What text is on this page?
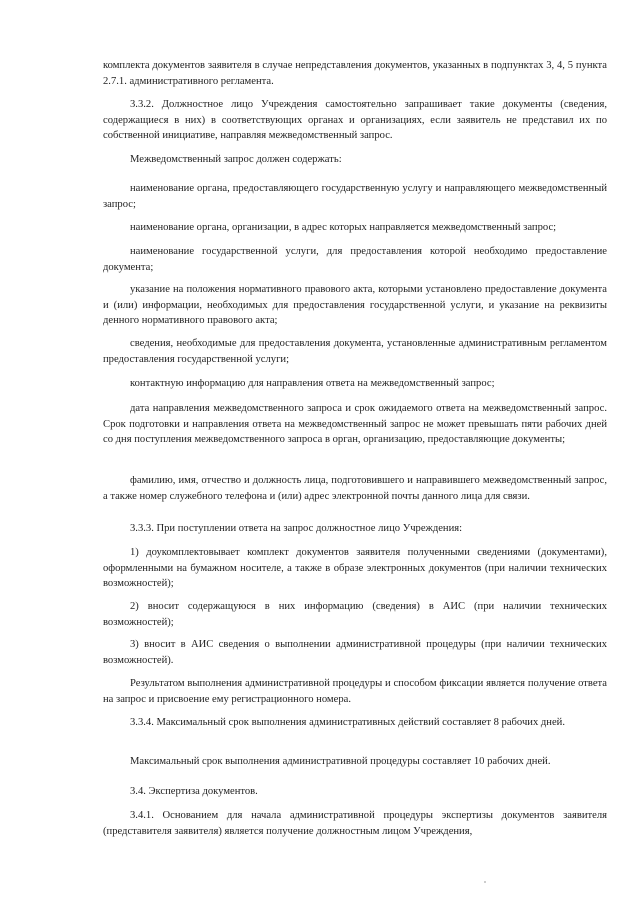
комплекта документов заявителя в случае непредставления документов, указанных в подпунктах 3, 4, 5 пункта 2.7.1. административного регламента.

3.3.2. Должностное лицо Учреждения самостоятельно запрашивает такие документы (сведения, содержащиеся в них) в соответствующих органах и организациях, если заявитель не представил их по собственной инициативе, направляя межведомственный запрос.

Межведомственный запрос должен содержать:

наименование органа, предоставляющего государственную услугу и направляющего межведомственный запрос;

наименование органа, организации, в адрес которых направляется межведомственный запрос;

наименование государственной услуги, для предоставления которой необходимо предоставление документа;

указание на положения нормативного правового акта, которыми установлено предоставление документа и (или) информации, необходимых для предоставления государственной услуги, и указание на реквизиты денного нормативного правового акта;

сведения, необходимые для предоставления документа, установленные административным регламентом предоставления государственной услуги;

контактную информацию для направления ответа на межведомственный запрос;

дата направления межведомственного запроса и срок ожидаемого ответа на межведомственный запрос. Срок подготовки и направления ответа на межведомственный запрос не может превышать пяти рабочих дней со дня поступления межведомственного запроса в орган, организацию, предоставляющие документы;

фамилию, имя, отчество и должность лица, подготовившего и направившего межведомственный запрос, а также номер служебного телефона и (или) адрес электронной почты данного лица для связи.

3.3.3. При поступлении ответа на запрос должностное лицо Учреждения:

1) доукомплектовывает комплект документов заявителя полученными сведениями (документами), оформленными на бумажном носителе, а также в образе электронных документов (при наличии технических возможностей);

2) вносит содержащуюся в них информацию (сведения) в АИС (при наличии технических возможностей);

3) вносит в АИС сведения о выполнении административной процедуры (при наличии технических возможностей).

Результатом выполнения административной процедуры и способом фиксации является получение ответа на запрос и присвоение ему регистрационного номера.

3.3.4. Максимальный срок выполнения административных действий составляет 8 рабочих дней.

Максимальный срок выполнения административной процедуры составляет 10 рабочих дней.

3.4. Экспертиза документов.

3.4.1. Основанием для начала административной процедуры экспертизы документов заявителя (представителя заявителя) является получение должностным лицом Учреждения,
